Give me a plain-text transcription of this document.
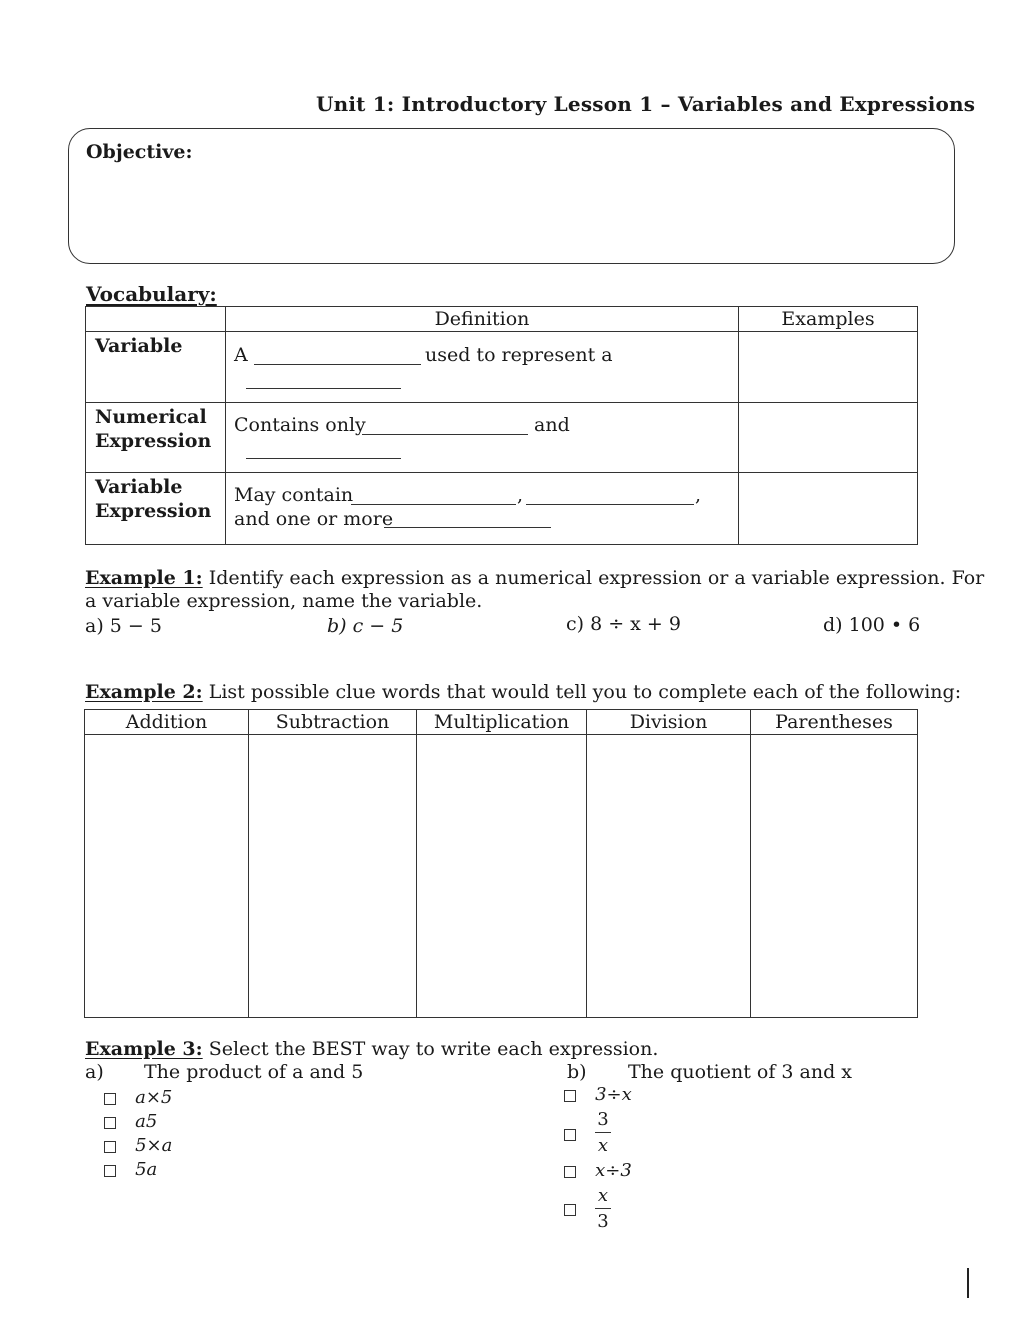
Unit 1: Introductory Lesson 1 – Variables and Expressions
Objective:
Vocabulary:
	Definition	Examples

Variable	A used to represent a	

Numerical Expression	Contains only and	

Variable Expression	May contain , ,
and one or more	

Example 1: Identify each expression as a numerical expression or a variable expression. For
a variable expression, name the variable.
a) 5 − 5	b) c − 5	c) 8 ÷ x + 9	d) 100 • 6
Example 2: List possible clue words that would tell you to complete each of the following:
Addition	Subtraction	Multiplication	Division	Parentheses

Example 3: Select the BEST way to write each expression.
a) The product of a and 5
a×5
a5
5×a
5a
b) The quotient of 3 and x
3÷x
3
x
x÷3
x
3
